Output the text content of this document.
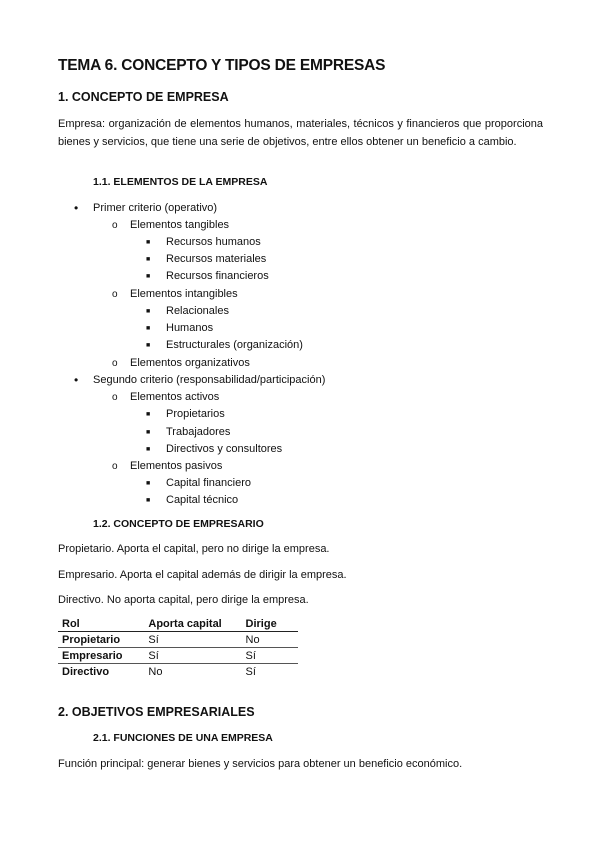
TEMA 6. CONCEPTO Y TIPOS DE EMPRESAS
1. CONCEPTO DE EMPRESA
Empresa: organización de elementos humanos, materiales, técnicos y financieros que proporciona bienes y servicios, que tiene una serie de objetivos, entre ellos obtener un beneficio a cambio.
1.1. ELEMENTOS DE LA EMPRESA
• Primer criterio (operativo)
o Elementos tangibles
■ Recursos humanos
■ Recursos materiales
■ Recursos financieros
o Elementos intangibles
■ Relacionales
■ Humanos
■ Estructurales (organización)
o Elementos organizativos
• Segundo criterio (responsabilidad/participación)
o Elementos activos
■ Propietarios
■ Trabajadores
■ Directivos y consultores
o Elementos pasivos
■ Capital financiero
■ Capital técnico
1.2. CONCEPTO DE EMPRESARIO
Propietario. Aporta el capital, pero no dirige la empresa.
Empresario. Aporta el capital además de dirigir la empresa.
Directivo. No aporta capital, pero dirige la empresa.
Rol	Aporta capital	Dirige
Propietario	Sí	No
Empresario	Sí	Sí
Directivo	No	Sí
2. OBJETIVOS EMPRESARIALES
2.1. FUNCIONES DE UNA EMPRESA
Función principal: generar bienes y servicios para obtener un beneficio económico.
